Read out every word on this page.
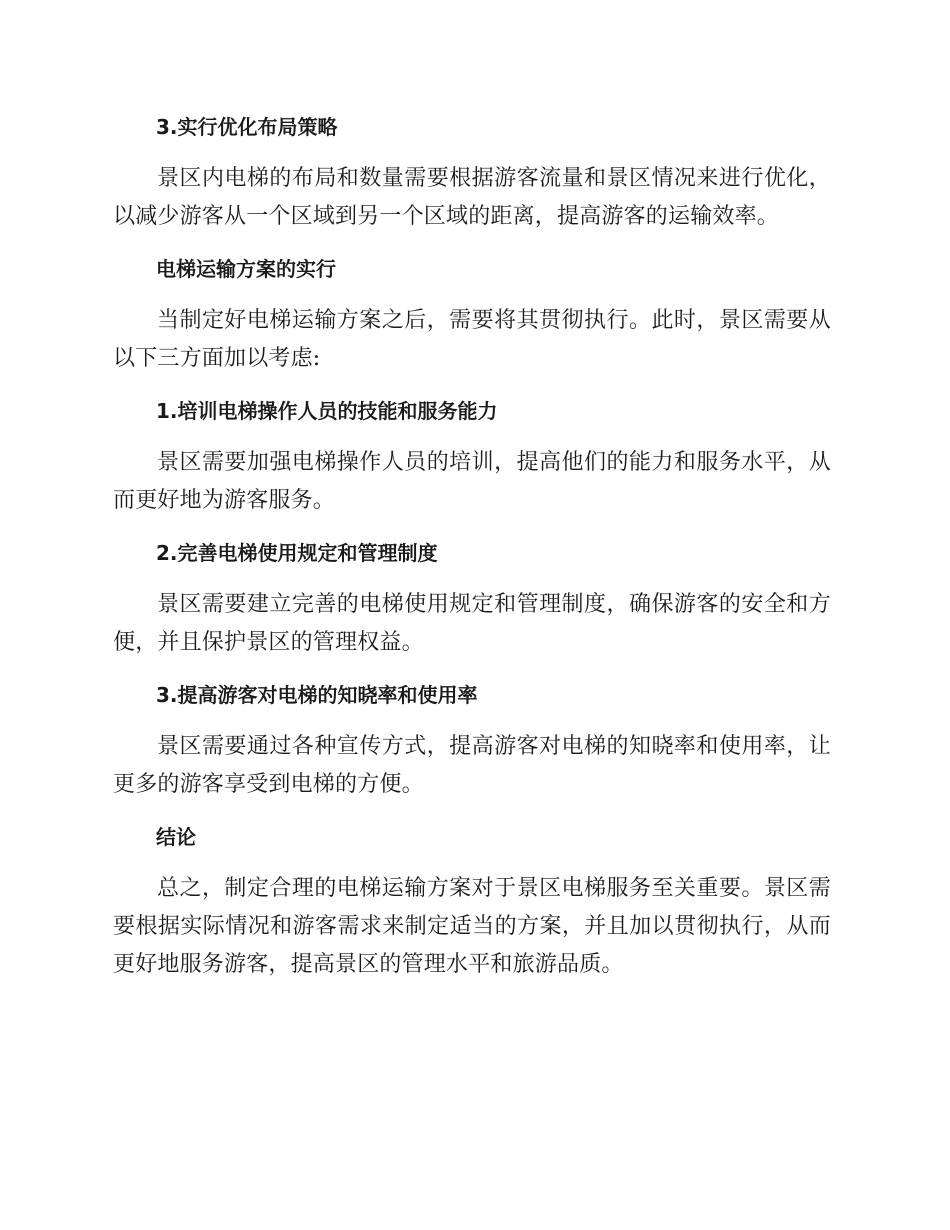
3.实行优化布局策略

景区内电梯的布局和数量需要根据游客流量和景区情况来进行优化，以减少游客从一个区域到另一个区域的距离，提高游客的运输效率。

电梯运输方案的实行

当制定好电梯运输方案之后，需要将其贯彻执行。此时，景区需要从以下三方面加以考虑:

1.培训电梯操作人员的技能和服务能力

景区需要加强电梯操作人员的培训，提高他们的能力和服务水平，从而更好地为游客服务。

2.完善电梯使用规定和管理制度

景区需要建立完善的电梯使用规定和管理制度，确保游客的安全和方便，并且保护景区的管理权益。

3.提高游客对电梯的知晓率和使用率

景区需要通过各种宣传方式，提高游客对电梯的知晓率和使用率，让更多的游客享受到电梯的方便。

结论

总之，制定合理的电梯运输方案对于景区电梯服务至关重要。景区需要根据实际情况和游客需求来制定适当的方案，并且加以贯彻执行，从而更好地服务游客，提高景区的管理水平和旅游品质。
